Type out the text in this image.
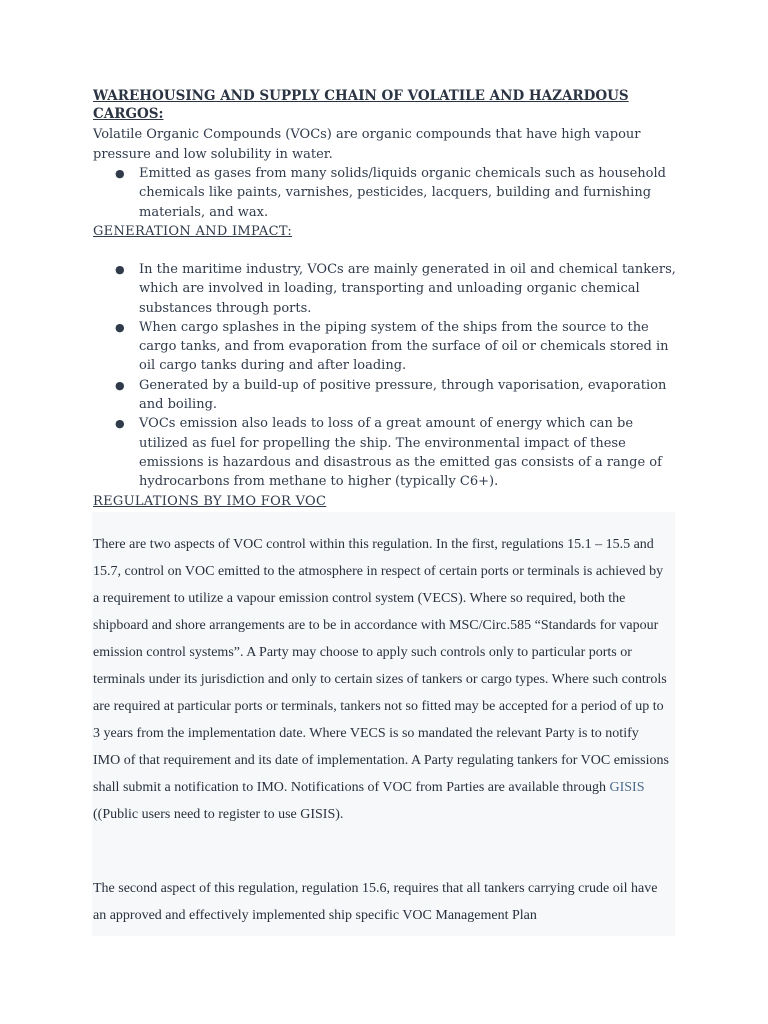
WAREHOUSING AND SUPPLY CHAIN OF VOLATILE AND HAZARDOUS CARGOS:
Volatile Organic Compounds (VOCs) are organic compounds that have high vapour pressure and low solubility in water.
● Emitted as gases from many solids/liquids organic chemicals such as household chemicals like paints, varnishes, pesticides, lacquers, building and furnishing materials, and wax.
GENERATION AND IMPACT:
● In the maritime industry, VOCs are mainly generated in oil and chemical tankers, which are involved in loading, transporting and unloading organic chemical substances through ports.
● When cargo splashes in the piping system of the ships from the source to the cargo tanks, and from evaporation from the surface of oil or chemicals stored in oil cargo tanks during and after loading.
● Generated by a build-up of positive pressure, through vaporisation, evaporation and boiling.
● VOCs emission also leads to loss of a great amount of energy which can be utilized as fuel for propelling the ship. The environmental impact of these emissions is hazardous and disastrous as the emitted gas consists of a range of hydrocarbons from methane to higher (typically C6+).
REGULATIONS BY IMO FOR VOC
There are two aspects of VOC control within this regulation. In the first, regulations 15.1 – 15.5 and 15.7, control on VOC emitted to the atmosphere in respect of certain ports or terminals is achieved by a requirement to utilize a vapour emission control system (VECS). Where so required, both the shipboard and shore arrangements are to be in accordance with MSC/Circ.585 “Standards for vapour emission control systems”. A Party may choose to apply such controls only to particular ports or terminals under its jurisdiction and only to certain sizes of tankers or cargo types. Where such controls are required at particular ports or terminals, tankers not so fitted may be accepted for a period of up to 3 years from the implementation date. Where VECS is so mandated the relevant Party is to notify IMO of that requirement and its date of implementation. A Party regulating tankers for VOC emissions shall submit a notification to IMO. Notifications of VOC from Parties are available through GISIS ((Public users need to register to use GISIS).
The second aspect of this regulation, regulation 15.6, requires that all tankers carrying crude oil have an approved and effectively implemented ship specific VOC Management Plan
